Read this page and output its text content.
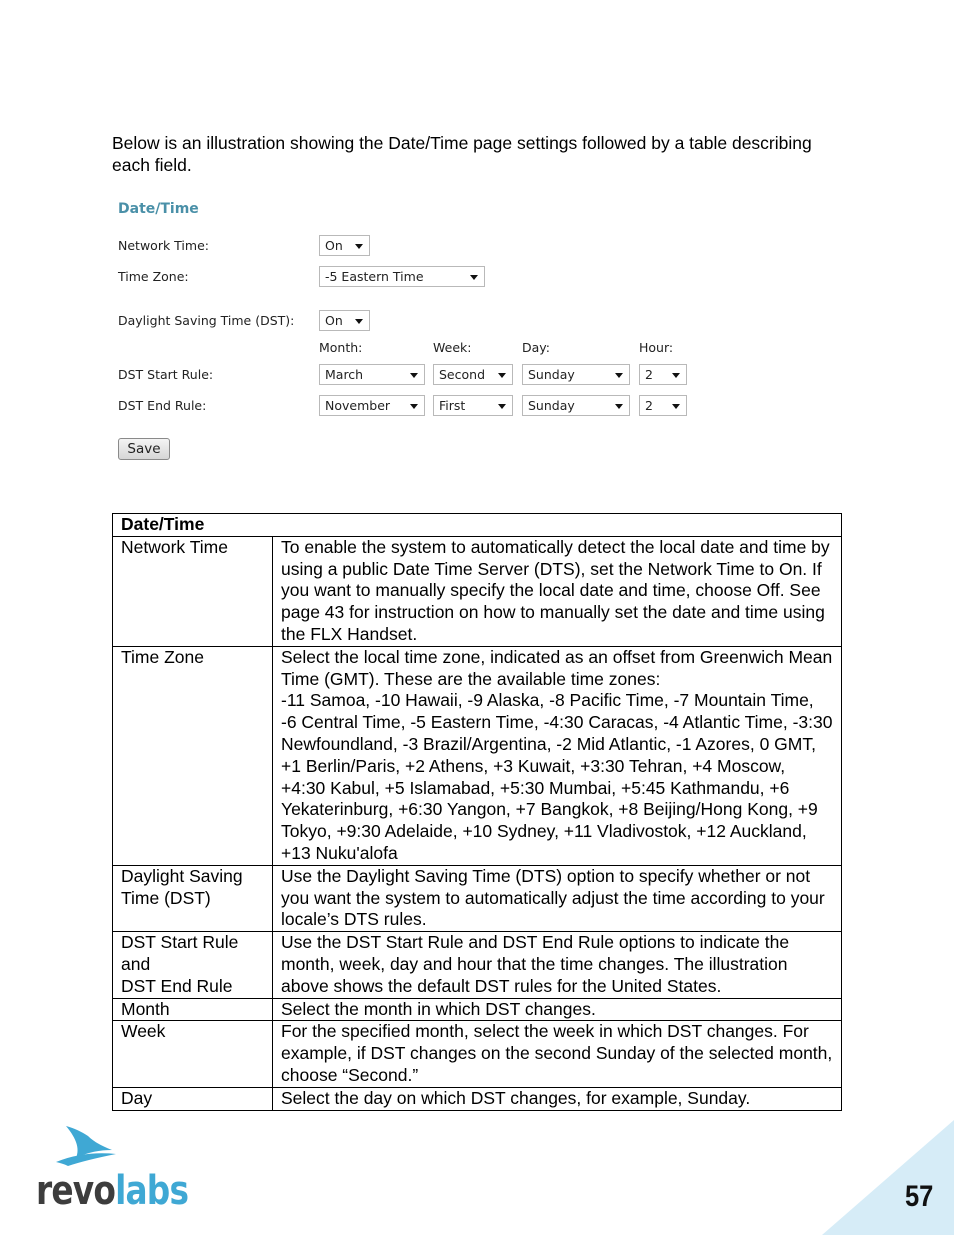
Below is an illustration showing the Date/Time page settings followed by a table describing each field.
Date/Time
Network Time:	On
Time Zone:	-5 Eastern Time
Daylight Saving Time (DST):	On
Month:	Week:	Day:	Hour:
DST Start Rule:	March	Second	Sunday	2
DST End Rule:	November	First	Sunday	2
Save
Date/Time	
Network Time	To enable the system to automatically detect the local date and time by using a public Date Time Server (DTS), set the Network Time to On. If you want to manually specify the local date and time, choose Off. See page 43 for instruction on how to manually set the date and time using the FLX Handset.
Time Zone	Select the local time zone, indicated as an offset from Greenwich Mean Time (GMT). These are the available time zones:
-11 Samoa, -10 Hawaii, -9 Alaska, -8 Pacific Time, -7 Mountain Time, -6 Central Time, -5 Eastern Time, -4:30 Caracas, -4 Atlantic Time, -3:30 Newfoundland, -3 Brazil/Argentina, -2 Mid Atlantic, -1 Azores, 0 GMT, +1 Berlin/Paris, +2 Athens, +3 Kuwait, +3:30 Tehran, +4 Moscow, +4:30 Kabul, +5 Islamabad, +5:30 Mumbai, +5:45 Kathmandu, +6 Yekaterinburg, +6:30 Yangon, +7 Bangkok, +8 Beijing/Hong Kong, +9 Tokyo, +9:30 Adelaide, +10 Sydney, +11 Vladivostok, +12 Auckland, +13 Nuku'alofa

Daylight Saving Time (DST)	Use the Daylight Saving Time (DTS) option to specify whether or not you want the system to automatically adjust the time according to your locale’s DTS rules.

DST Start Rule
and
DST End Rule	Use the DST Start Rule and DST End Rule options to indicate the month, week, day and hour that the time changes. The illustration above shows the default DST rules for the United States.
Month	Select the month in which DST changes.
Week	For the specified month, select the week in which DST changes. For example, if DST changes on the second Sunday of the selected month, choose “Second.”
Day	Select the day on which DST changes, for example, Sunday.
revolabs	57
